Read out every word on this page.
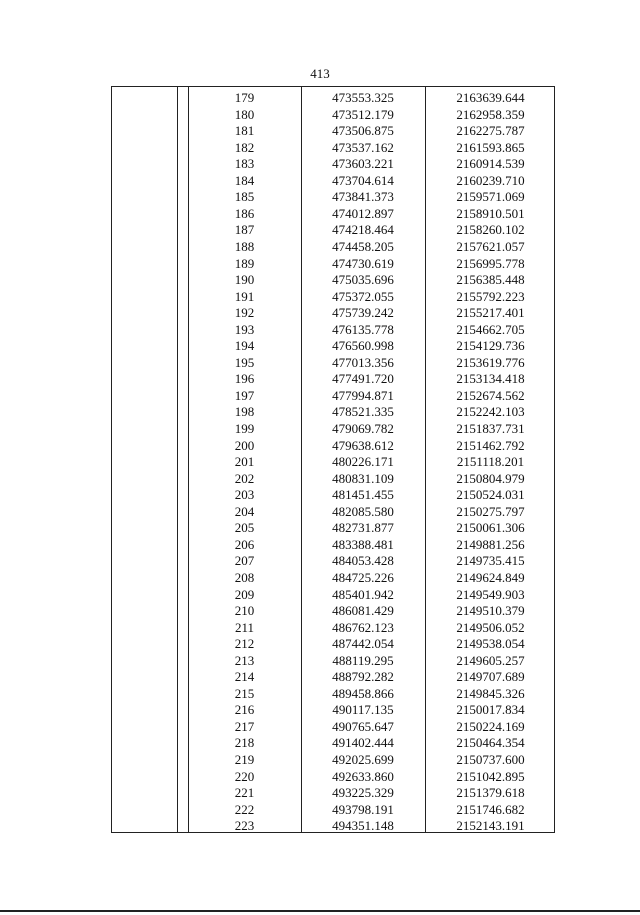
413
179	473553.325	2163639.644
180	473512.179	2162958.359
181	473506.875	2162275.787
182	473537.162	2161593.865
183	473603.221	2160914.539
184	473704.614	2160239.710
185	473841.373	2159571.069
186	474012.897	2158910.501
187	474218.464	2158260.102
188	474458.205	2157621.057
189	474730.619	2156995.778
190	475035.696	2156385.448
191	475372.055	2155792.223
192	475739.242	2155217.401
193	476135.778	2154662.705
194	476560.998	2154129.736
195	477013.356	2153619.776
196	477491.720	2153134.418
197	477994.871	2152674.562
198	478521.335	2152242.103
199	479069.782	2151837.731
200	479638.612	2151462.792
201	480226.171	2151118.201
202	480831.109	2150804.979
203	481451.455	2150524.031
204	482085.580	2150275.797
205	482731.877	2150061.306
206	483388.481	2149881.256
207	484053.428	2149735.415
208	484725.226	2149624.849
209	485401.942	2149549.903
210	486081.429	2149510.379
211	486762.123	2149506.052
212	487442.054	2149538.054
213	488119.295	2149605.257
214	488792.282	2149707.689
215	489458.866	2149845.326
216	490117.135	2150017.834
217	490765.647	2150224.169
218	491402.444	2150464.354
219	492025.699	2150737.600
220	492633.860	2151042.895
221	493225.329	2151379.618
222	493798.191	2151746.682
223	494351.148	2152143.191
